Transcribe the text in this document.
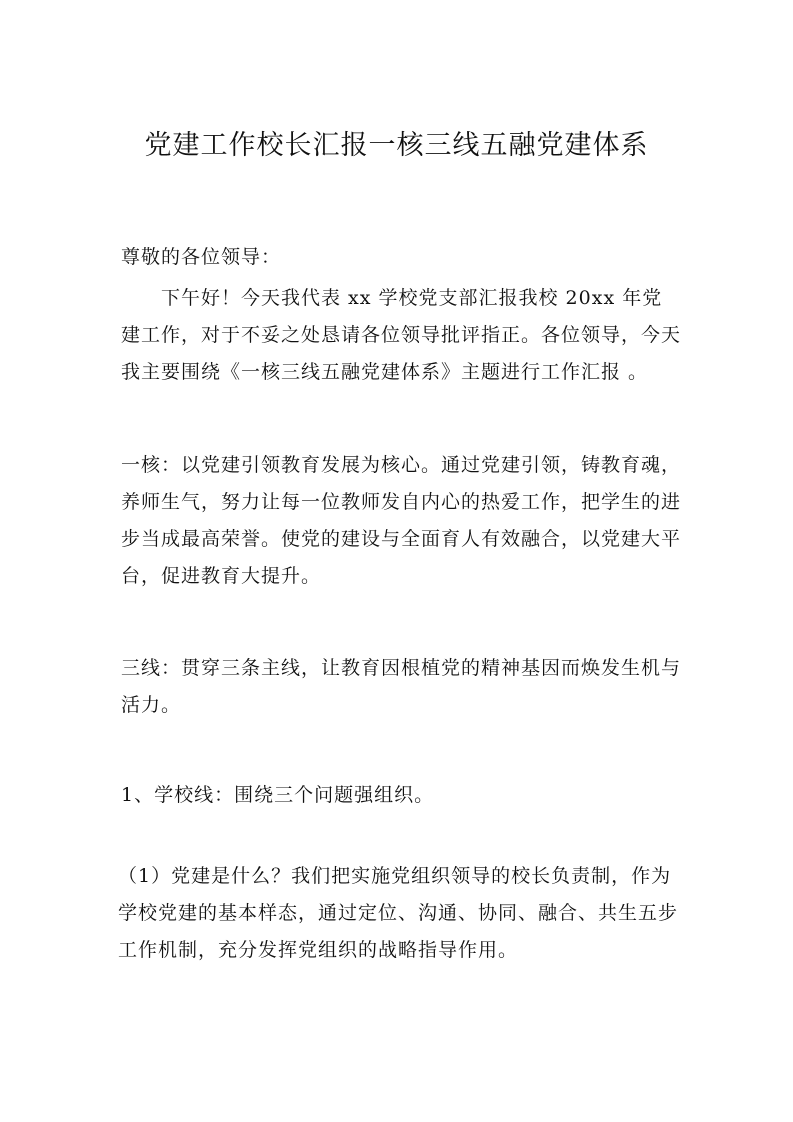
党建工作校长汇报一核三线五融党建体系

尊敬的各位领导：

下午好！今天我代表 xx 学校党支部汇报我校 20xx 年党建工作，对于不妥之处恳请各位领导批评指正。各位领导，今天我主要围绕《一核三线五融党建体系》主题进行工作汇报 。

一核：以党建引领教育发展为核心。通过党建引领，铸教育魂，养师生气，努力让每一位教师发自内心的热爱工作，把学生的进步当成最高荣誉。使党的建设与全面育人有效融合，以党建大平台，促进教育大提升。

三线：贯穿三条主线，让教育因根植党的精神基因而焕发生机与活力。

1、学校线：围绕三个问题强组织。

（1）党建是什么？我们把实施党组织领导的校长负责制，作为学校党建的基本样态，通过定位、沟通、协同、融合、共生五步工作机制，充分发挥党组织的战略指导作用。
